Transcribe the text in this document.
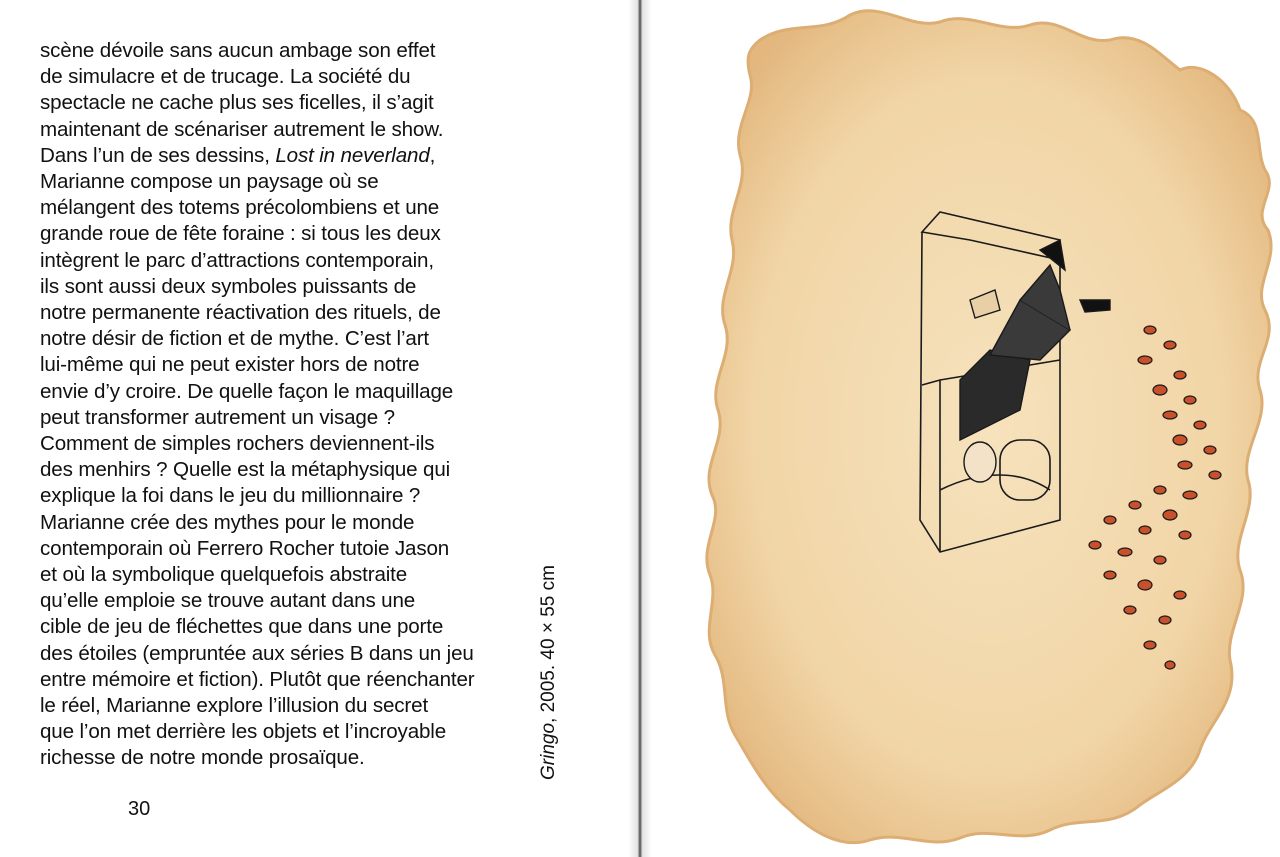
scène dévoile sans aucun ambage son effet
de simulacre et de trucage. La société du
spectacle ne cache plus ses ficelles, il s’agit
maintenant de scénariser autrement le show.
Dans l’un de ses dessins, Lost in neverland,
Marianne compose un paysage où se
mélangent des totems précolombiens et une
grande roue de fête foraine : si tous les deux
intègrent le parc d’attractions contemporain,
ils sont aussi deux symboles puissants de
notre permanente réactivation des rituels, de
notre désir de fiction et de mythe. C’est l’art
lui-même qui ne peut exister hors de notre
envie d’y croire. De quelle façon le maquillage
peut transformer autrement un visage ?
Comment de simples rochers deviennent-ils
des menhirs ? Quelle est la métaphysique qui
explique la foi dans le jeu du millionnaire ?
Marianne crée des mythes pour le monde
contemporain où Ferrero Rocher tutoie Jason
et où la symbolique quelquefois abstraite
qu’elle emploie se trouve autant dans une
cible de jeu de fléchettes que dans une porte
des étoiles (empruntée aux séries B dans un jeu
entre mémoire et fiction). Plutôt que réenchanter
le réel, Marianne explore l’illusion du secret
que l’on met derrière les objets et l’incroyable
richesse de notre monde prosaïque.
30
Gringo, 2005. 40 × 55 cm
